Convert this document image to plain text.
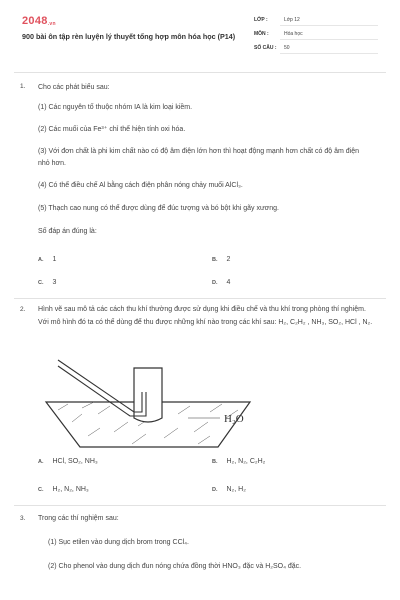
$2048_{.vn}$
900 bài ôn tập rèn luyện lý thuyết tổng hợp môn hóa học (P14)
LỚP :	Lớp 12
MÔN :	Hóa học
SỐ CÂU : 50
1. Cho các phát biểu sau:
(1) Các nguyên tố thuộc nhóm IA là kim loại kiềm.
(2) Các muối của Fe³⁺ chỉ thể hiện tính oxi hóa.
(3) Với đơn chất là phi kim chất nào có độ âm điện lớn hơn thì hoạt động mạnh hơn chất có độ âm điện nhỏ hơn.
(4) Có thể điều chế Al bằng cách điện phân nóng chảy muối AlCl₃.
(5) Thạch cao nung có thể được dùng để đúc tượng và bó bột khi gãy xương.
Số đáp án đúng là:
A. 1	B. 2
C. 3	D. 4
2. Hình vẽ sau mô tả các cách thu khí thường được sử dụng khi điều chế và thu khí trong phòng thí nghiệm. Với mô hình đó ta có thể dùng để thu được những khí nào trong các khí sau: H₂, C₂H₂ , NH₃, SO₂, HCl , N₂.
H₂O
A. HCl, SO₂, NH₃	B. H₂, N₂, C₂H₂
C. H₂, N₂, NH₃	D. N₂, H₂
3. Trong các thí nghiệm sau:
(1) Sục etilen vào dung dịch brom trong CCl₄.
(2) Cho phenol vào dung dịch đun nóng chứa đồng thời HNO₃ đặc và H₂SO₄ đặc.
